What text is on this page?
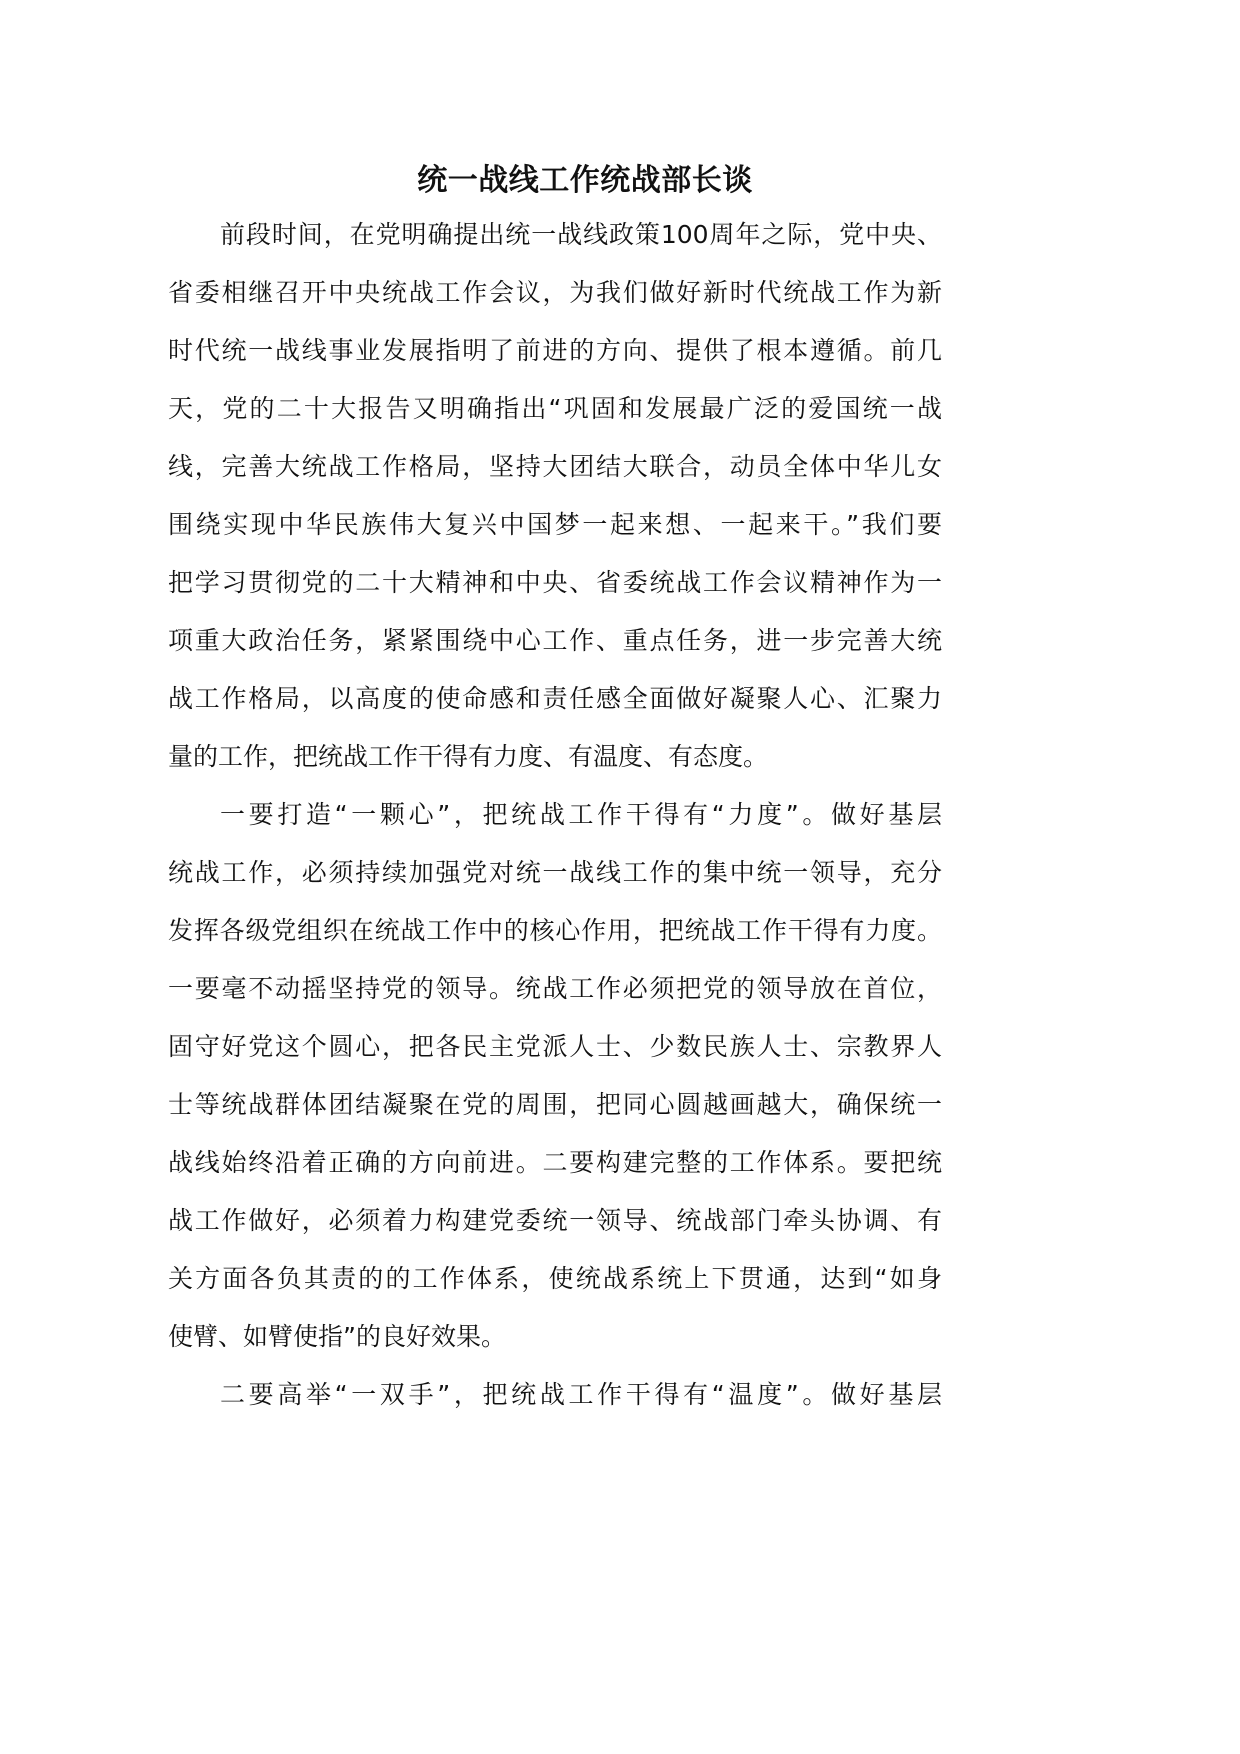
统一战线工作统战部长谈
前段时间，在党明确提出统一战线政策100周年之际，党中央、
省委相继召开中央统战工作会议，为我们做好新时代统战工作为新
时代统一战线事业发展指明了前进的方向、提供了根本遵循。前几
天，党的二十大报告又明确指出“巩固和发展最广泛的爱国统一战
线，完善大统战工作格局，坚持大团结大联合，动员全体中华儿女
围绕实现中华民族伟大复兴中国梦一起来想、一起来干。”我们要
把学习贯彻党的二十大精神和中央、省委统战工作会议精神作为一
项重大政治任务，紧紧围绕中心工作、重点任务，进一步完善大统
战工作格局，以高度的使命感和责任感全面做好凝聚人心、汇聚力
量的工作，把统战工作干得有力度、有温度、有态度。
一要打造“一颗心”，把统战工作干得有“力度”。做好基层
统战工作，必须持续加强党对统一战线工作的集中统一领导，充分
发挥各级党组织在统战工作中的核心作用，把统战工作干得有力度。
一要毫不动摇坚持党的领导。统战工作必须把党的领导放在首位，
固守好党这个圆心，把各民主党派人士、少数民族人士、宗教界人
士等统战群体团结凝聚在党的周围，把同心圆越画越大，确保统一
战线始终沿着正确的方向前进。二要构建完整的工作体系。要把统
战工作做好，必须着力构建党委统一领导、统战部门牵头协调、有
关方面各负其责的的工作体系，使统战系统上下贯通，达到“如身
使臂、如臂使指”的良好效果。
二要高举“一双手”，把统战工作干得有“温度”。做好基层
